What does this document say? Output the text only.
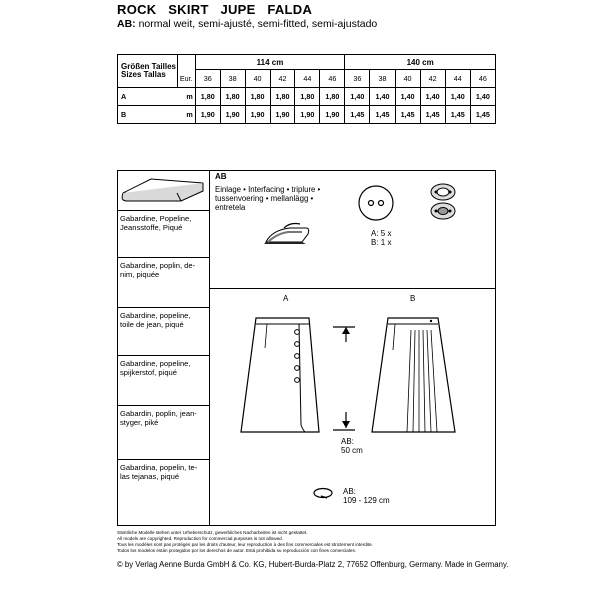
ROCK   SKIRT   JUPE   FALDA
AB: normal weit, semi-ajusté, semi-fitted, semi-ajustado
Größen Tailles
Sizes Tallas		114 cm						140 cm					
	Eur.	36	38	40	42	44	46	36	38	40	42	44	46
A	m	1,80	1,80	1,80	1,80	1,80	1,80	1,40	1,40	1,40	1,40	1,40	1,40
B	m	1,90	1,90	1,90	1,90	1,90	1,90	1,45	1,45	1,45	1,45	1,45	1,45
Gabardine, Popeline, Jeansstoffe, Piqué
Gabardine, poplin, de-nim, piquée
Gabardine, popeline, toile de jean, piqué
Gabardine, popeline, spijkerstof, piqué
Gabardin, poplin, jean-styger, piké
Gabardina, popelin, te-las tejanas, piqué
AB
Einlage • Interfacing • triplure • tussenvoering • mellanlägg • entretela
A: 5 x
B: 1 x
A	B
AB:
50 cm
AB:
109 - 129 cm
Sämtliche Modelle stehen unter Urheberschutz, gewerbliches Nacharbeiten ist nicht gestattet.
All models are copyrighted. Reproduction for commercial purposes is not allowed.
Tous les modèles sont pas protégés par les droits d'auteur, leur reproduction à des fins commerciales est strictement interdite.
Todos los modelos están protegidos por los derechos de autor. Está prohibida su reproducción con fines comerciales.
© by Verlag Aenne Burda GmbH & Co. KG, Hubert-Burda-Platz 2, 77652 Offenburg, Germany. Made in Germany.
